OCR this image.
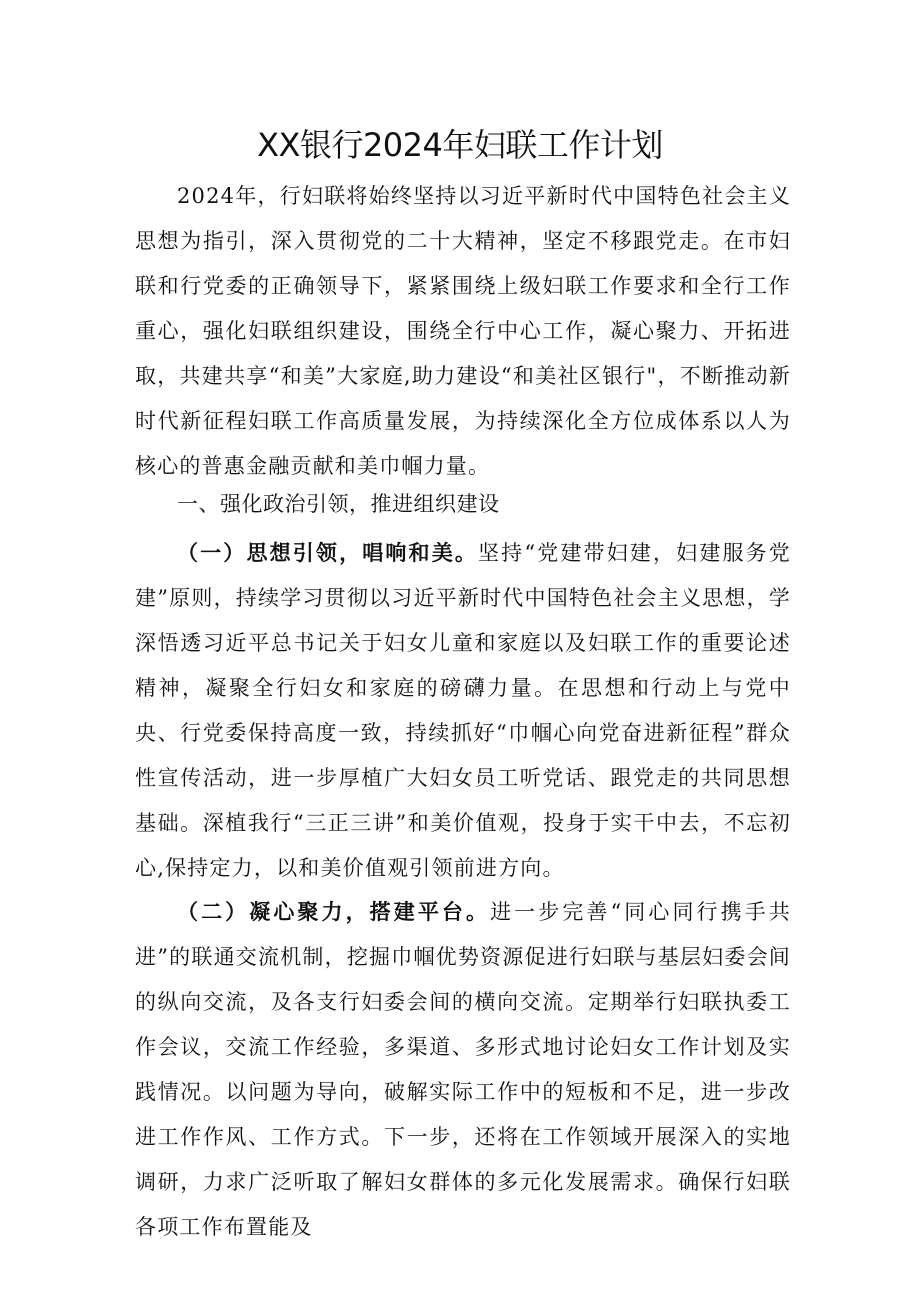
XX银行2024年妇联工作计划

2024年，行妇联将始终坚持以习近平新时代中国特色社会主义思想为指引，深入贯彻党的二十大精神，坚定不移跟党走。在市妇联和行党委的正确领导下，紧紧围绕上级妇联工作要求和全行工作重心，强化妇联组织建设，围绕全行中心工作，凝心聚力、开拓进取，共建共享“和美”大家庭,助力建设“和美社区银行"，不断推动新时代新征程妇联工作高质量发展，为持续深化全方位成体系以人为核心的普惠金融贡献和美巾帼力量。

一、强化政治引领，推进组织建设

（一）思想引领，唱响和美。坚持“党建带妇建，妇建服务党建”原则，持续学习贯彻以习近平新时代中国特色社会主义思想，学深悟透习近平总书记关于妇女儿童和家庭以及妇联工作的重要论述精神，凝聚全行妇女和家庭的磅礴力量。在思想和行动上与党中央、行党委保持高度一致，持续抓好“巾帼心向党奋进新征程”群众性宣传活动，进一步厚植广大妇女员工听党话、跟党走的共同思想基础。深植我行“三正三讲”和美价值观，投身于实干中去，不忘初心,保持定力，以和美价值观引领前进方向。

（二）凝心聚力，搭建平台。进一步完善“同心同行携手共进”的联通交流机制，挖掘巾帼优势资源促进行妇联与基层妇委会间的纵向交流，及各支行妇委会间的横向交流。定期举行妇联执委工作会议，交流工作经验，多渠道、多形式地讨论妇女工作计划及实践情况。以问题为导向，破解实际工作中的短板和不足，进一步改进工作作风、工作方式。下一步，还将在工作领域开展深入的实地调研，力求广泛听取了解妇女群体的多元化发展需求。确保行妇联各项工作布置能及
